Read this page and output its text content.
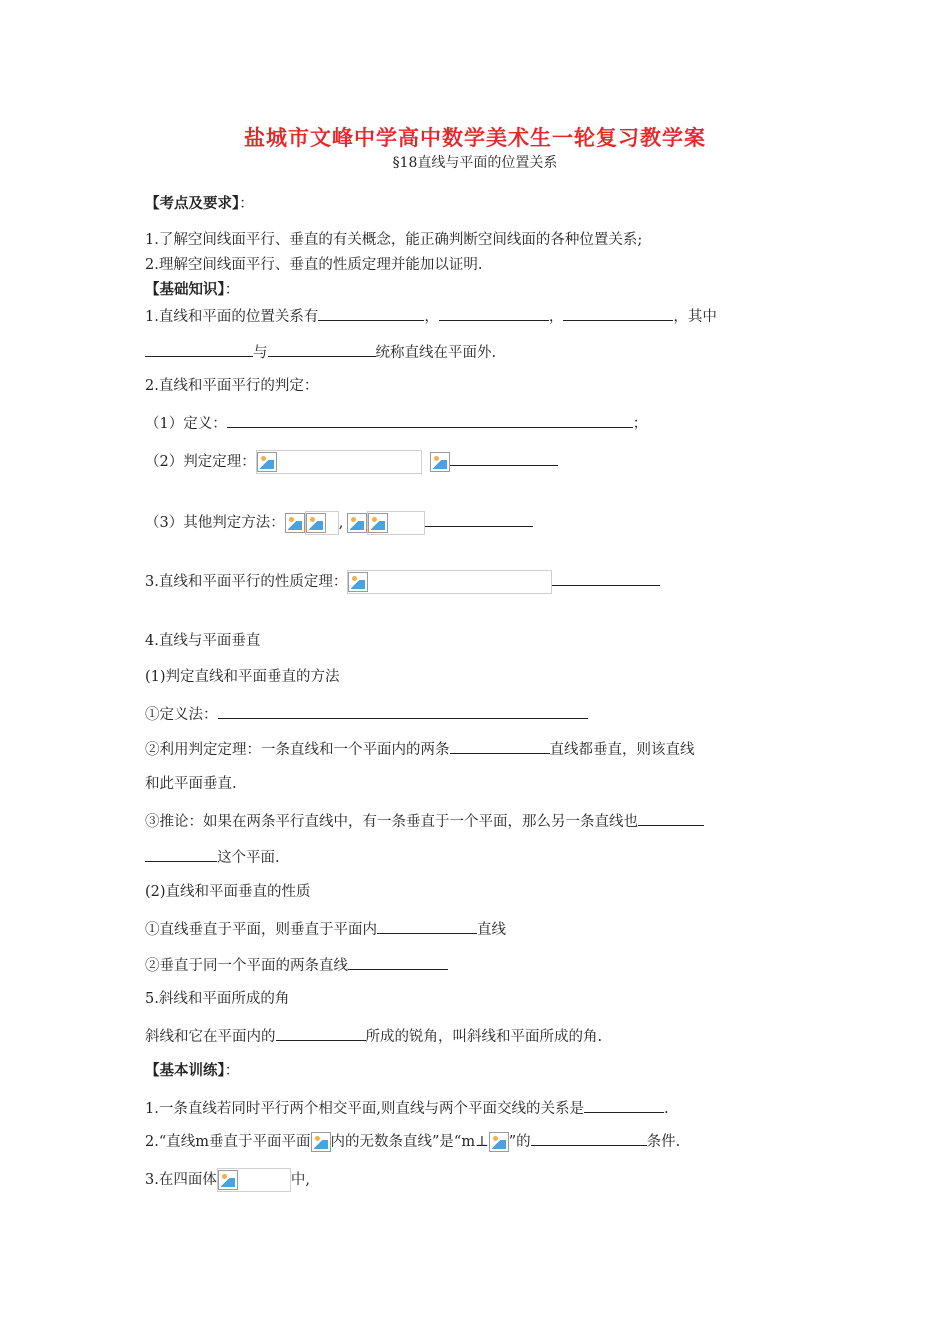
盐城市文峰中学高中数学美术生一轮复习教学案
§18直线与平面的位置关系
【考点及要求】：
1.了解空间线面平行、垂直的有关概念，能正确判断空间线面的各种位置关系;
2.理解空间线面平行、垂直的性质定理并能加以证明.
【基础知识】：
1.直线和平面的位置关系有	，	，	，其中
与	统称直线在平面外.
2.直线和平面平行的判定：
（1）定义：	；
（2）判定定理：
（3）其他判定方法：	,
3.直线和平面平行的性质定理：
4.直线与平面垂直
(1)判定直线和平面垂直的方法
①定义法：
②利用判定定理：一条直线和一个平面内的两条	直线都垂直，则该直线
和此平面垂直.
③推论：如果在两条平行直线中，有一条垂直于一个平面，那么另一条直线也
这个平面.
(2)直线和平面垂直的性质
①直线垂直于平面，则垂直于平面内	直线
②垂直于同一个平面的两条直线
5.斜线和平面所成的角
斜线和它在平面内的	所成的锐角，叫斜线和平面所成的角.
【基本训练】：
1.一条直线若同时平行两个相交平面,则直线与两个平面交线的关系是	.
2.“直线m垂直于平面平面 内的无数条直线”是“m⊥ ”的	条件.
3.在四面体	中,
